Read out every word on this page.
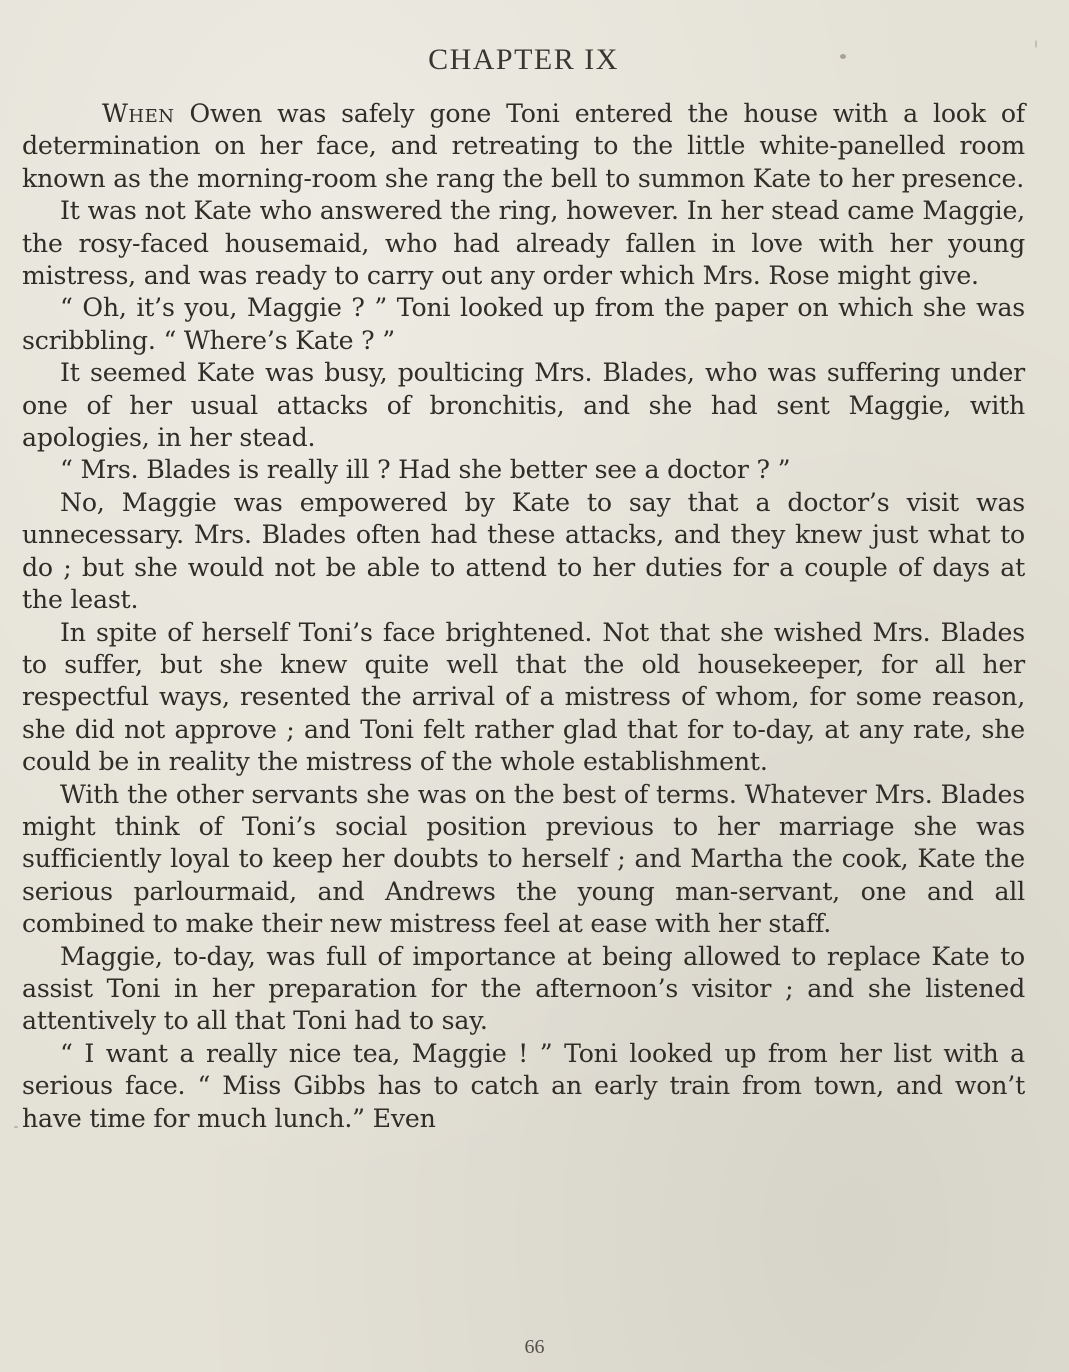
CHAPTER IX

When Owen was safely gone Toni entered the house with a look of determination on her face, and retreating to the little white-panelled room known as the morning-room she rang the bell to summon Kate to her presence.

It was not Kate who answered the ring, however. In her stead came Maggie, the rosy-faced housemaid, who had already fallen in love with her young mistress, and was ready to carry out any order which Mrs. Rose might give.

“ Oh, it’s you, Maggie ? ” Toni looked up from the paper on which she was scribbling. “ Where’s Kate ? ”

It seemed Kate was busy, poulticing Mrs. Blades, who was suffering under one of her usual attacks of bronchitis, and she had sent Maggie, with apologies, in her stead.

“ Mrs. Blades is really ill ? Had she better see a doctor ? ”

No, Maggie was empowered by Kate to say that a doctor’s visit was unnecessary. Mrs. Blades often had these attacks, and they knew just what to do ; but she would not be able to attend to her duties for a couple of days at the least.

In spite of herself Toni’s face brightened. Not that she wished Mrs. Blades to suffer, but she knew quite well that the old housekeeper, for all her respectful ways, resented the arrival of a mistress of whom, for some reason, she did not approve ; and Toni felt rather glad that for to-day, at any rate, she could be in reality the mistress of the whole establishment.

With the other servants she was on the best of terms. Whatever Mrs. Blades might think of Toni’s social position previous to her marriage she was sufficiently loyal to keep her doubts to herself ; and Martha the cook, Kate the serious parlourmaid, and Andrews the young man-servant, one and all combined to make their new mistress feel at ease with her staff.

Maggie, to-day, was full of importance at being allowed to replace Kate to assist Toni in her preparation for the afternoon’s visitor ; and she listened attentively to all that Toni had to say.

“ I want a really nice tea, Maggie ! ” Toni looked up from her list with a serious face. “ Miss Gibbs has to catch an early train from town, and won’t have time for much lunch.” Even

66
